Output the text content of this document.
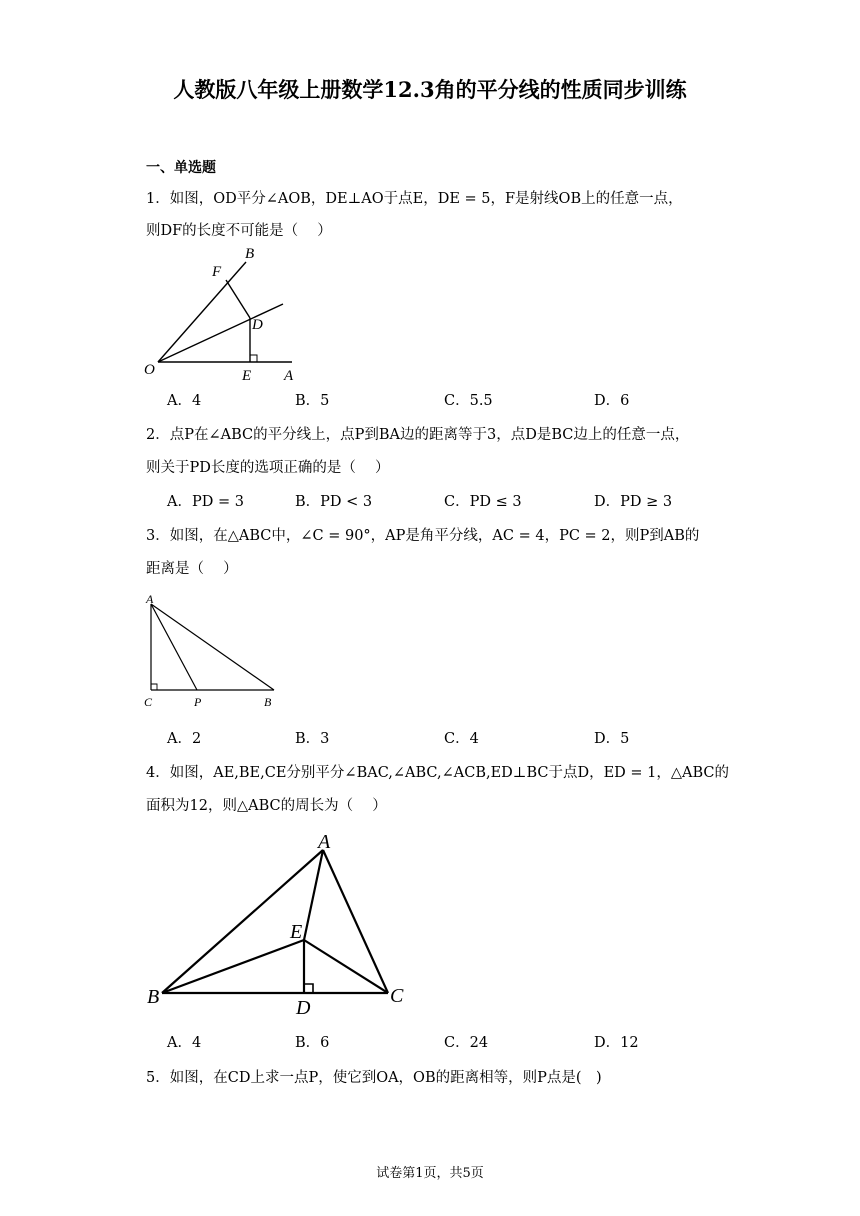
人教版八年级上册数学12.3角的平分线的性质同步训练
一、单选题
1．如图，OD平分∠AOB，DE⊥AO于点E，DE = 5，F是射线OB上的任意一点，
则DF的长度不可能是（　 ）
B
F
D
O	E A
A．4	B．5	C．5.5	D．6
2．点P在∠ABC的平分线上，点P到BA边的距离等于3，点D是BC边上的任意一点，
则关于PD长度的选项正确的是（　 ）
A．PD = 3	B．PD < 3	C．PD ≤ 3	D．PD ≥ 3
3．如图，在△ABC中，∠C = 90°，AP是角平分线，AC = 4，PC = 2，则P到AB的
距离是（　 ）
A
C	P	B
A．2	B．3	C．4	D．5
4．如图，AE,BE,CE分别平分∠BAC,∠ABC,∠ACB,ED⊥BC于点D，ED = 1，△ABC的
面积为12，则△ABC的周长为（　 ）
A
E
B	D
C
A．4	B．6	C．24	D．12
5．如图，在CD上求一点P，使它到OA，OB的距离相等，则P点是(　)
试卷第1页，共5页
